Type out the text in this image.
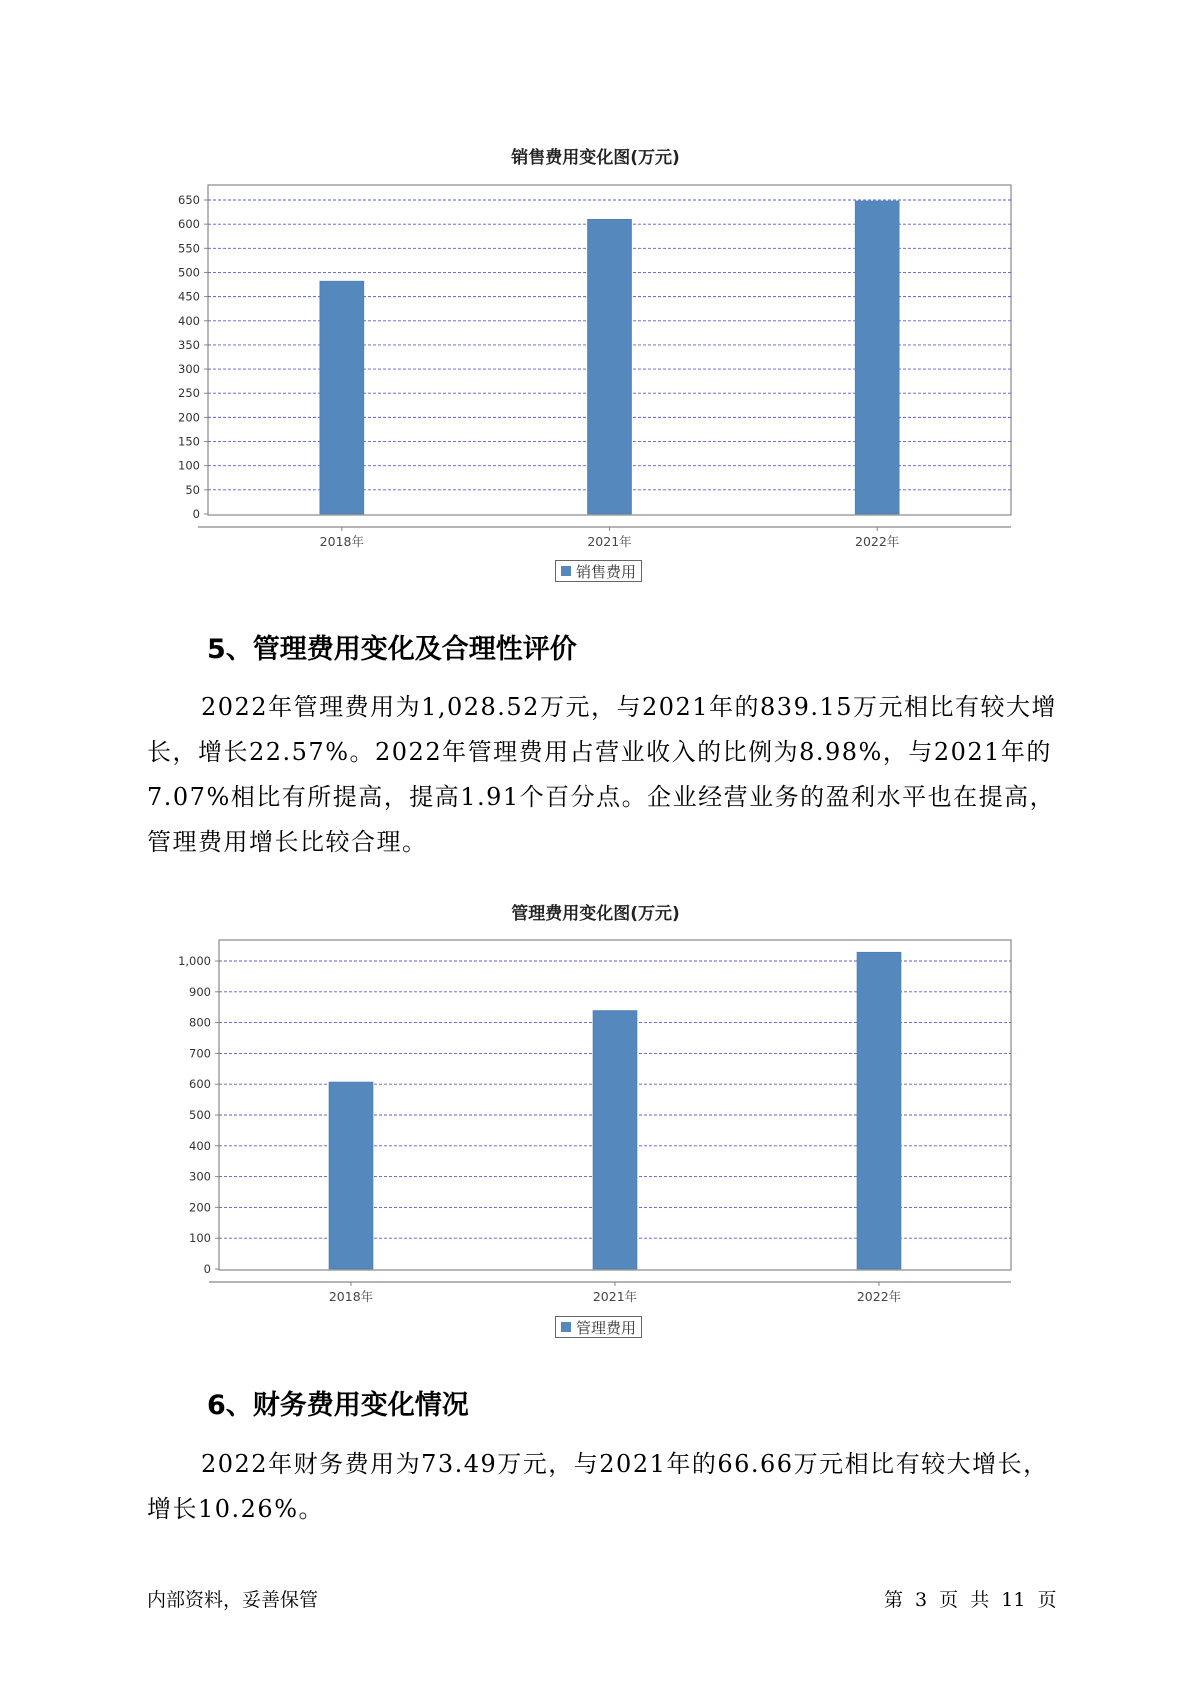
销售费用变化图(万元)
0
50
100
150
200
250
300
350
400
450
500
550
600
650
2018年	2021年	2022年
销售费用
5、管理费用变化及合理性评价

2022年管理费用为1,028.52万元，与2021年的839.15万元相比有较大增长，增长22.57%。2022年管理费用占营业收入的比例为8.98%，与2021年的7.07%相比有所提高，提高1.91个百分点。企业经营业务的盈利水平也在提高，管理费用增长比较合理。

管理费用变化图(万元)
0
100
200
300
400
500
600
700
800
900
1,000
2018年	2021年	2022年
管理费用
6、财务费用变化情况

2022年财务费用为73.49万元，与2021年的66.66万元相比有较大增长，增长10.26%。

内部资料，妥善保管	第 3 页 共 11 页
